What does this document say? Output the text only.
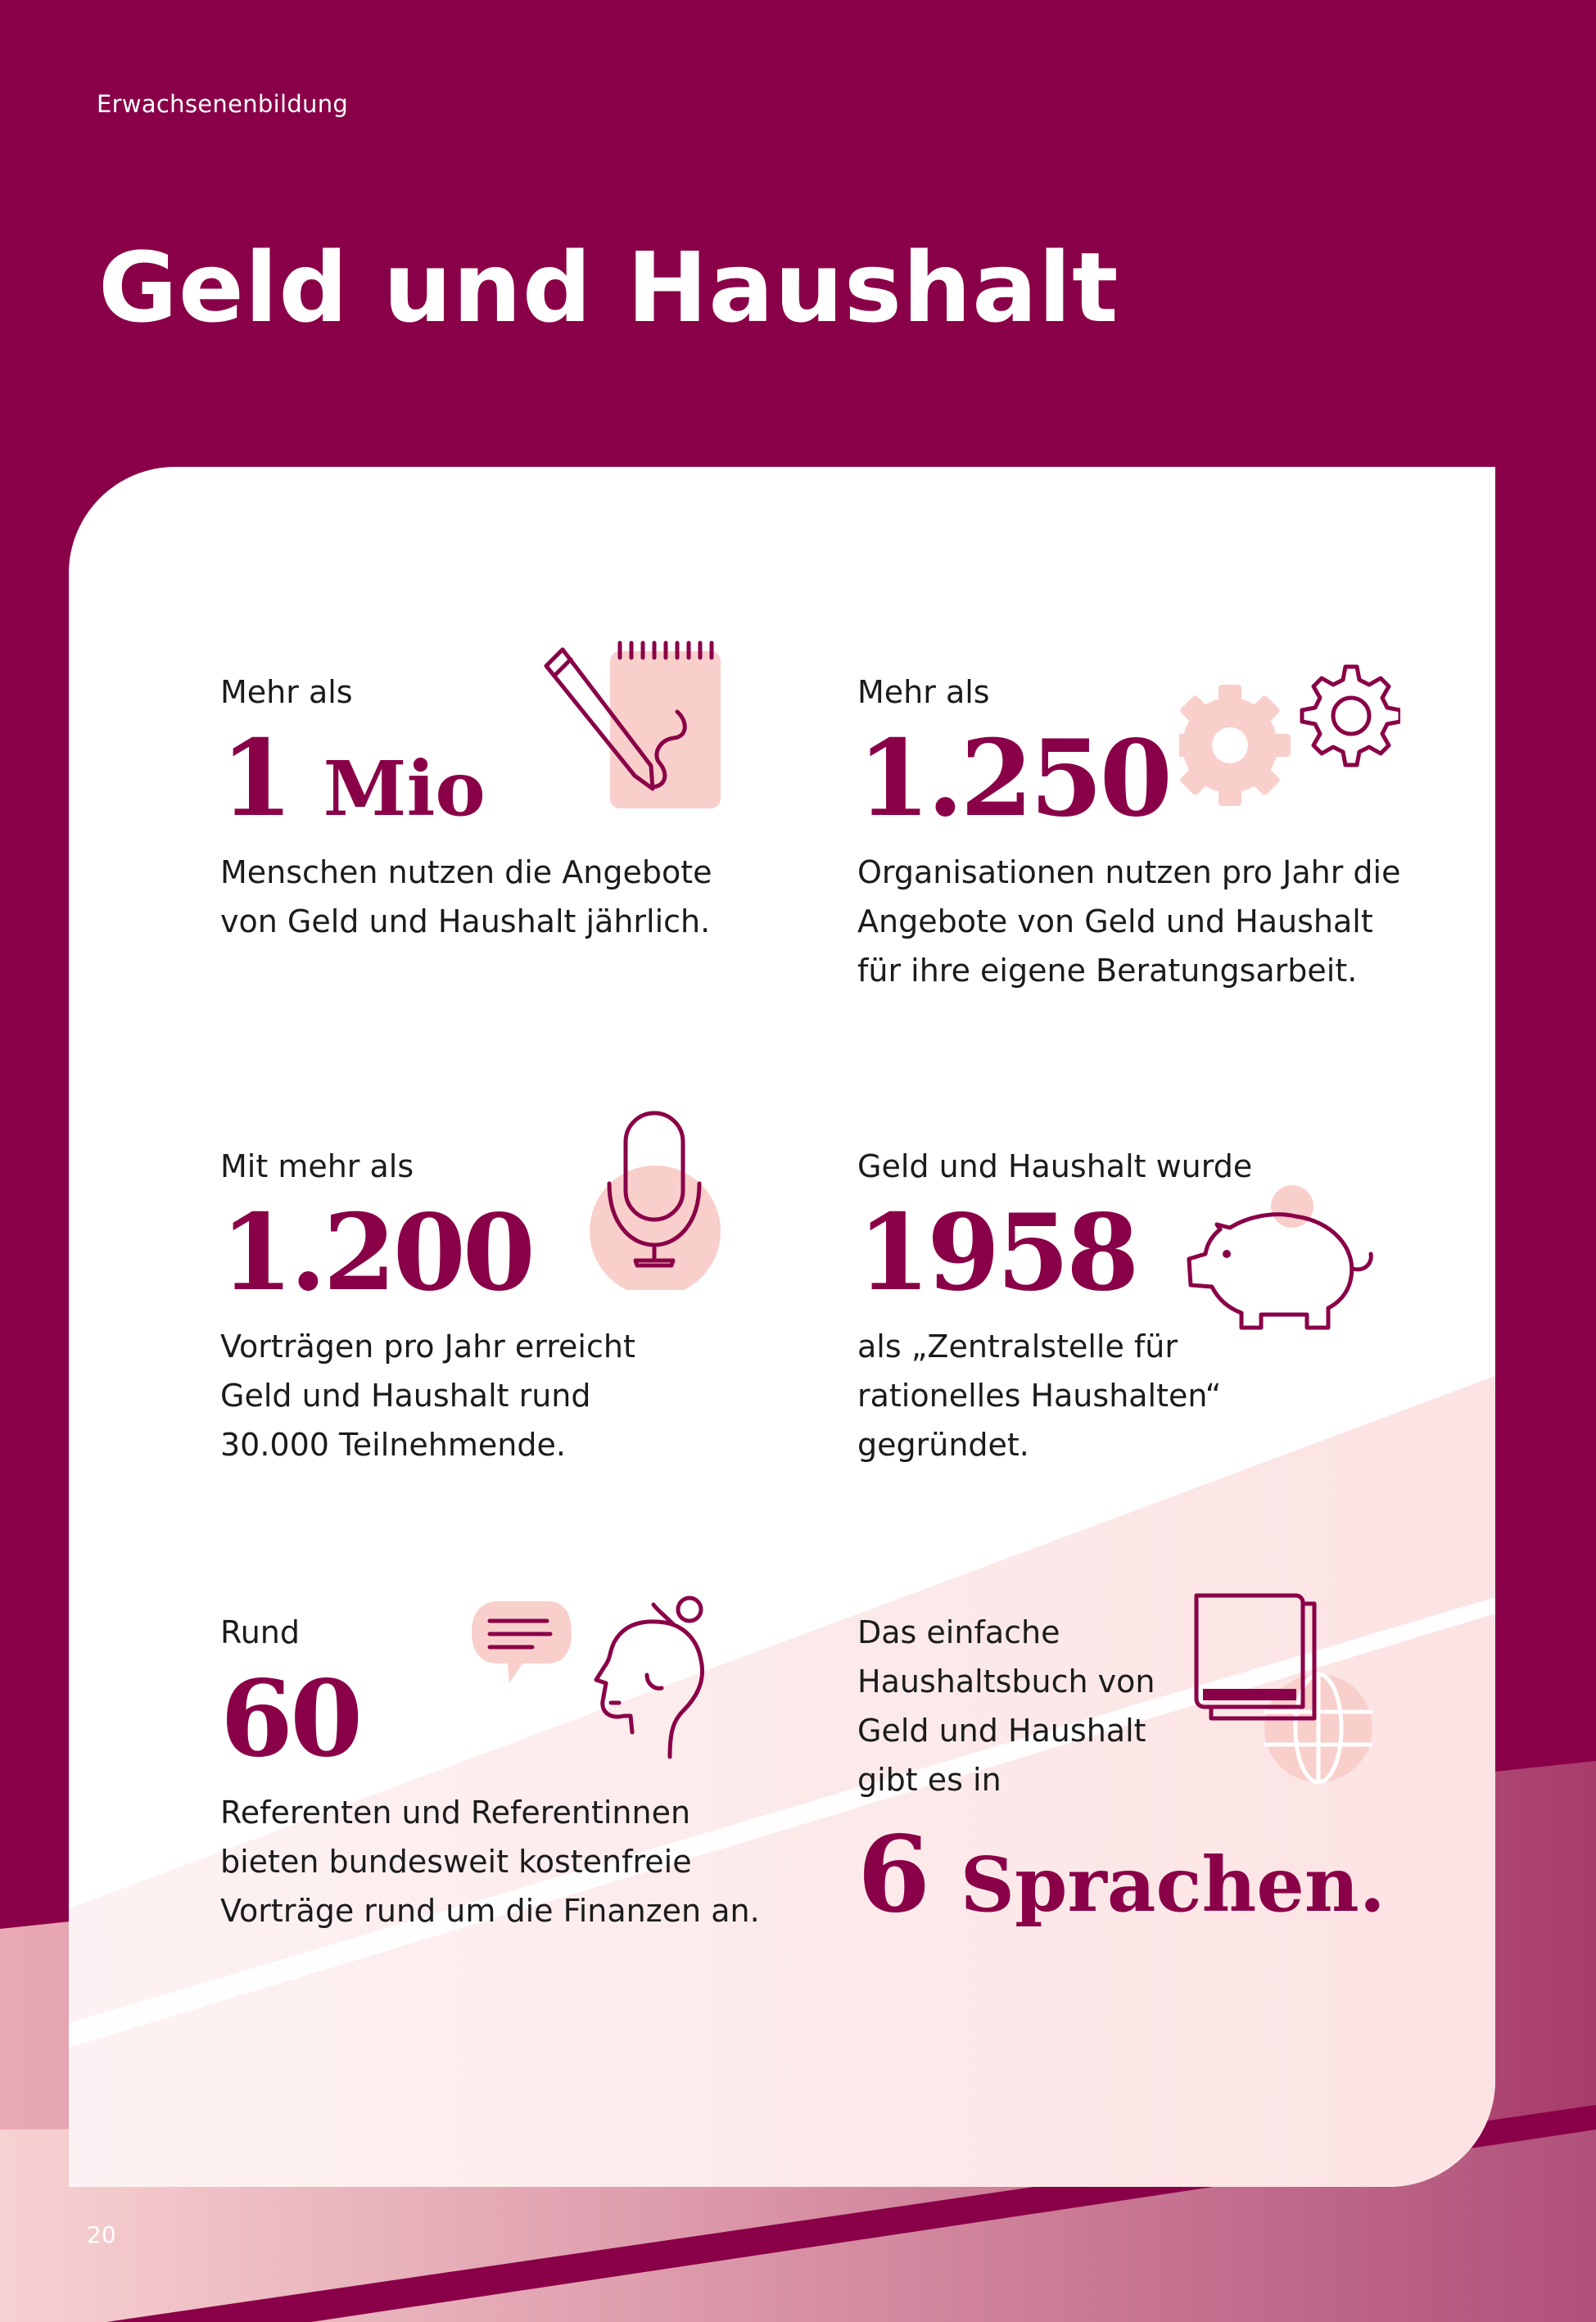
Erwachsenenbildung
Geld und Haushalt
Mehr als
1 Mio
Menschen nutzen die Angebote
von Geld und Haushalt jährlich.
Mehr als
1.250
Organisationen nutzen pro Jahr die
Angebote von Geld und Haushalt
für ihre eigene Beratungsarbeit.
Mit mehr als
1.200
Vorträgen pro Jahr erreicht
Geld und Haushalt rund
30.000 Teilnehmende.
Geld und Haushalt wurde
1958
als „Zentralstelle für
rationelles Haushalten“
gegründet.
Rund
60
Referenten und Referentinnen
bieten bundesweit kostenfreie
Vorträge rund um die Finanzen an.
Das einfache
Haushaltsbuch von
Geld und Haushalt
gibt es in
6 Sprachen.
20
